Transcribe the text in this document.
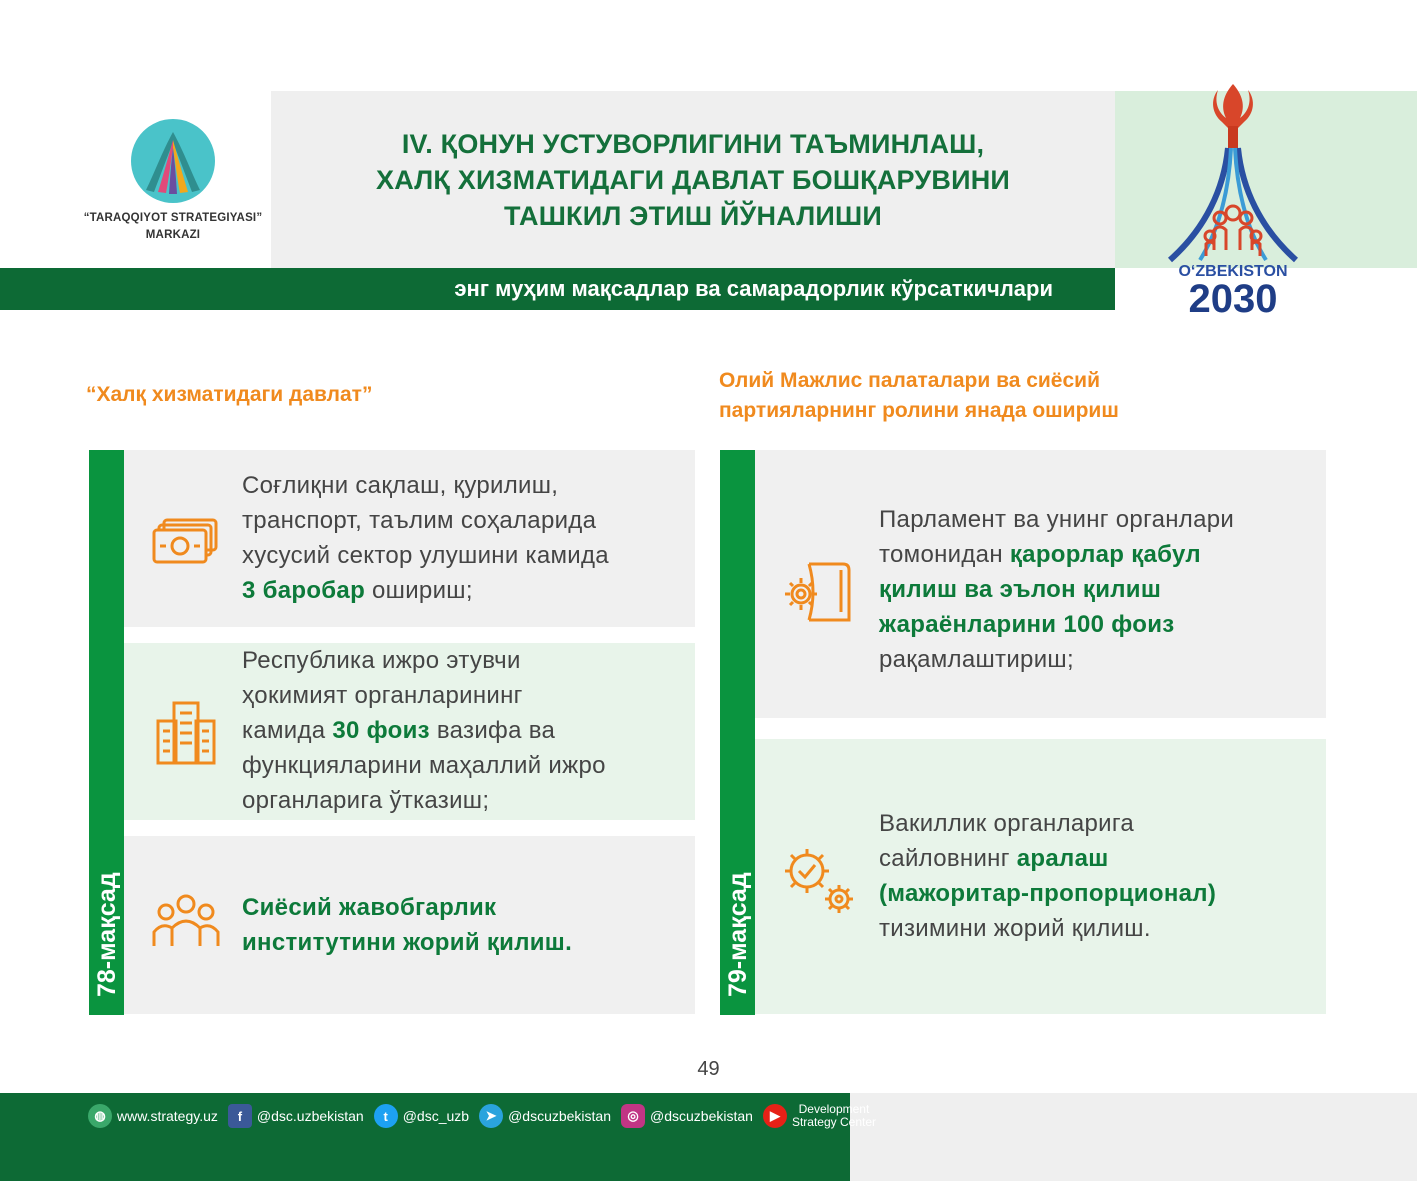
“TARAQQIYOT STRATEGIYASI”
MARKAZI
IV. ҚОНУН УСТУВОРЛИГИНИ ТАЪМИНЛАШ,
ХАЛҚ ХИЗМАТИДАГИ ДАВЛАТ БОШҚАРУВИНИ
ТАШКИЛ ЭТИШ ЙЎНАЛИШИ
энг муҳим мақсадлар ва самарадорлик кўрсаткичлари
O‘ZBEKISTON
2030
“Халқ хизматидаги давлат”
Олий Мажлис палаталари ва сиёсий
партияларнинг ролини янада ошириш
78-мақсад
Соғлиқни сақлаш, қурилиш,
транспорт, таълим соҳаларида
хусусий сектор улушини камида
3 баробар ошириш;
Республика ижро этувчи
ҳокимият органларининг
камида 30 фоиз вазифа ва
функцияларини маҳаллий ижро
органларига ўтказиш;
Сиёсий жавобгарлик
институтини жорий қилиш.	79-мақсад
Парламент ва унинг органлари
томонидан қарорлар қабул
қилиш ва эълон қилиш
жараёнларини 100 фоиз
рақамлаштириш;
Вакиллик органларига
сайловнинг аралаш
(мажоритар-пропорционал)
тизимини жорий қилиш.
49
◍ www.strategy.uz	f	@dsc.uzbekistan	t	@dsc_uzb	➤ @dscuzbekistan	◎ @dscuzbekistan	▶	Development
Strategy Center
